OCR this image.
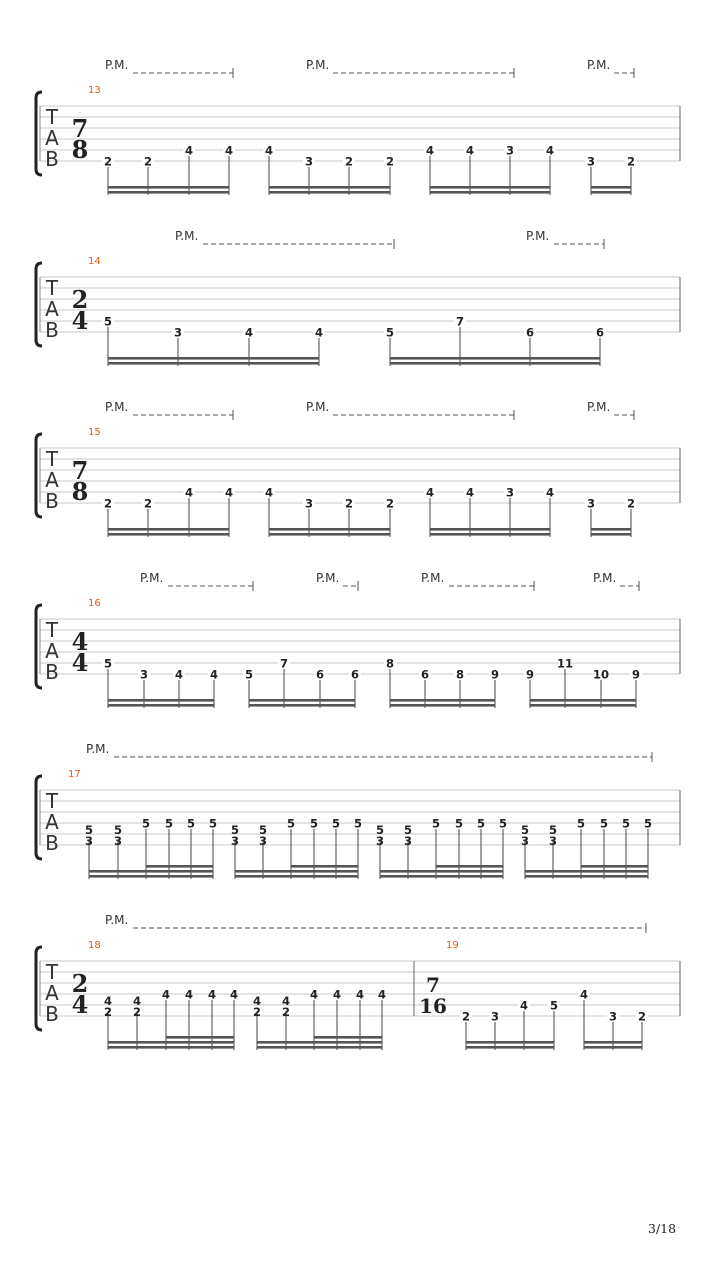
T
A
B
13
7
8 2	2
4	4	4
3	2	2
4	4	3	4
3	2
P.M.	P.M.	P.M.
T
A
B
14
2
4 5
3	4	4	5
7
6	6
P.M.	P.M.
T
A
B
15
7
8 2	2
4	4	4
3	2	2
4	4	3	4
3	2
P.M.	P.M.	P.M.
T
A
B
16
4
4 5
3 4 4 5
7
6 6
8
6 8 9 9
11
10 9
P.M.	P.M.	P.M.	P.M.
T
A
B
17
5
3
5
3
5 5 5 5 5
3
5
3
5 5 5 5 5
3
5
3
5 5 5 5 5
3
5
3
5 5 5 5
P.M.
T
A
B
18
2
4 4
2
4
2
4 4 4 4 4
2
4
2
4 4 4 4
19
7
16 2 3
4 5
4
3 2
P.M.
3/18
